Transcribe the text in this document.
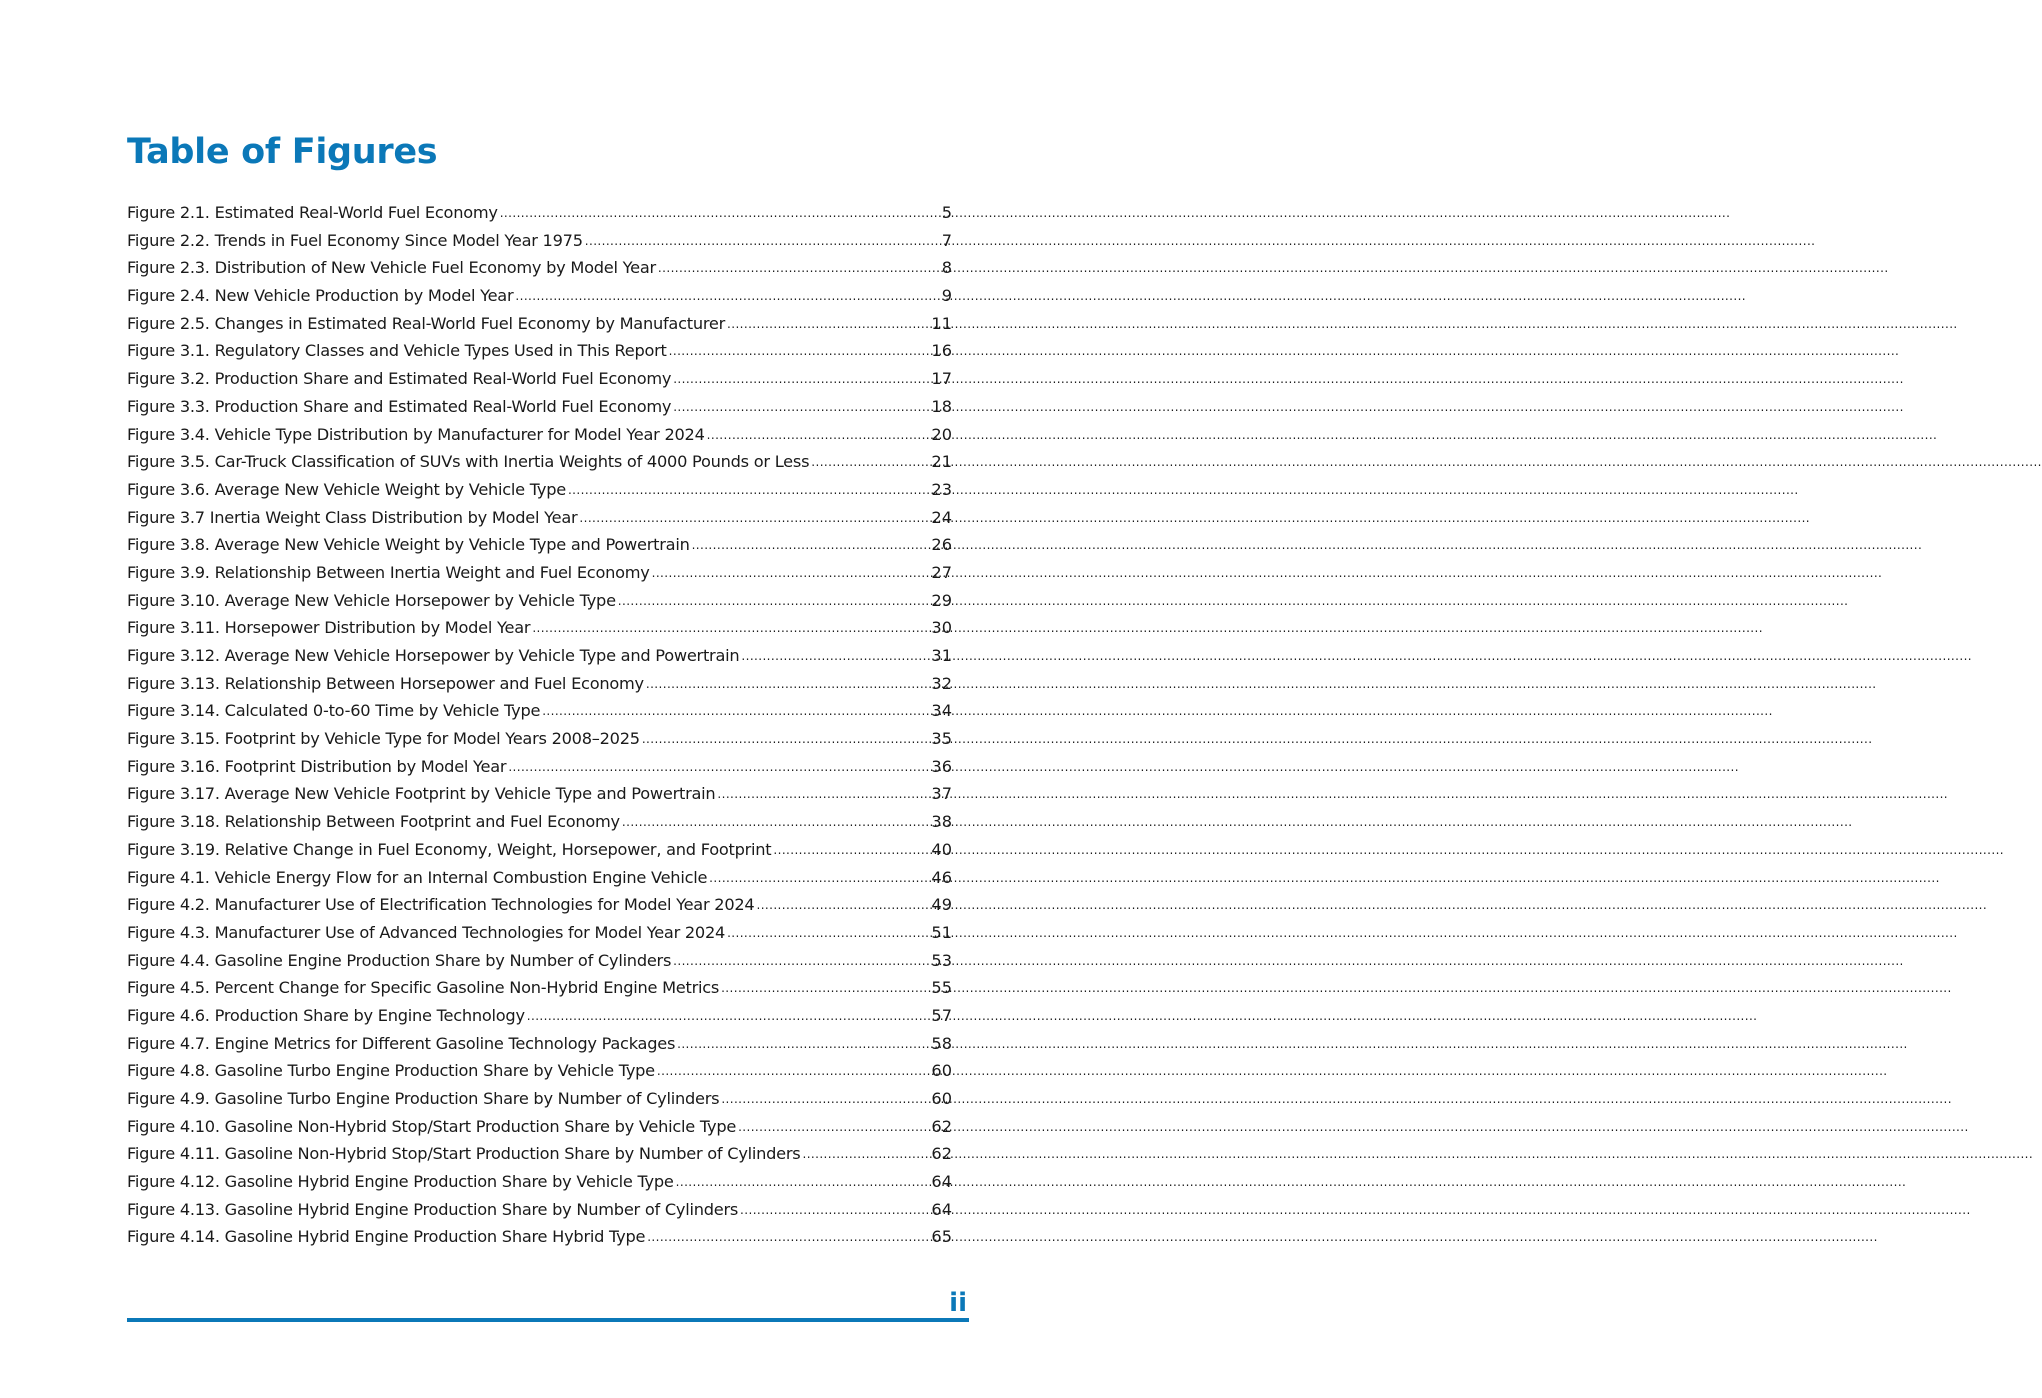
Table of Figures
Figure 2.1. Estimated Real-World Fuel Economy .....	5
Figure 2.2. Trends in Fuel Economy Since Model Year 1975 .....	7
Figure 2.3. Distribution of New Vehicle Fuel Economy by Model Year .....	8
Figure 2.4. New Vehicle Production by Model Year .....	9
Figure 2.5. Changes in Estimated Real-World Fuel Economy by Manufacturer .....	11
Figure 3.1. Regulatory Classes and Vehicle Types Used in This Report .....	16
Figure 3.2. Production Share and Estimated Real-World Fuel Economy .....	17
Figure 3.3. Production Share and Estimated Real-World Fuel Economy .....	18
Figure 3.4. Vehicle Type Distribution by Manufacturer for Model Year 2024 .....	20
Figure 3.5. Car-Truck Classification of SUVs with Inertia Weights of 4000 Pounds or Less .....	21
Figure 3.6. Average New Vehicle Weight by Vehicle Type .....	23
Figure 3.7 Inertia Weight Class Distribution by Model Year .....	24
Figure 3.8. Average New Vehicle Weight by Vehicle Type and Powertrain .....	26
Figure 3.9. Relationship Between Inertia Weight and Fuel Economy .....	27
Figure 3.10. Average New Vehicle Horsepower by Vehicle Type .....	29
Figure 3.11. Horsepower Distribution by Model Year .....	30
Figure 3.12. Average New Vehicle Horsepower by Vehicle Type and Powertrain .....	31
Figure 3.13. Relationship Between Horsepower and Fuel Economy .....	32
Figure 3.14. Calculated 0-to-60 Time by Vehicle Type .....	34
Figure 3.15. Footprint by Vehicle Type for Model Years 2008–2025 .....	35
Figure 3.16. Footprint Distribution by Model Year .....	36
Figure 3.17. Average New Vehicle Footprint by Vehicle Type and Powertrain .....	37
Figure 3.18. Relationship Between Footprint and Fuel Economy .....	38
Figure 3.19. Relative Change in Fuel Economy, Weight, Horsepower, and Footprint .....	40
Figure 4.1. Vehicle Energy Flow for an Internal Combustion Engine Vehicle .....	46
Figure 4.2. Manufacturer Use of Electrification Technologies for Model Year 2024 .....	49
Figure 4.3. Manufacturer Use of Advanced Technologies for Model Year 2024 .....	51
Figure 4.4. Gasoline Engine Production Share by Number of Cylinders .....	53
Figure 4.5. Percent Change for Specific Gasoline Non-Hybrid Engine Metrics .....	55
Figure 4.6. Production Share by Engine Technology .....	57
Figure 4.7. Engine Metrics for Different Gasoline Technology Packages .....	58
Figure 4.8. Gasoline Turbo Engine Production Share by Vehicle Type .....	60
Figure 4.9. Gasoline Turbo Engine Production Share by Number of Cylinders .....	60
Figure 4.10. Gasoline Non-Hybrid Stop/Start Production Share by Vehicle Type .....	62
Figure 4.11. Gasoline Non-Hybrid Stop/Start Production Share by Number of Cylinders .....	62
Figure 4.12. Gasoline Hybrid Engine Production Share by Vehicle Type .....	64
Figure 4.13. Gasoline Hybrid Engine Production Share by Number of Cylinders .....	64
Figure 4.14. Gasoline Hybrid Engine Production Share Hybrid Type .....	65
ii
